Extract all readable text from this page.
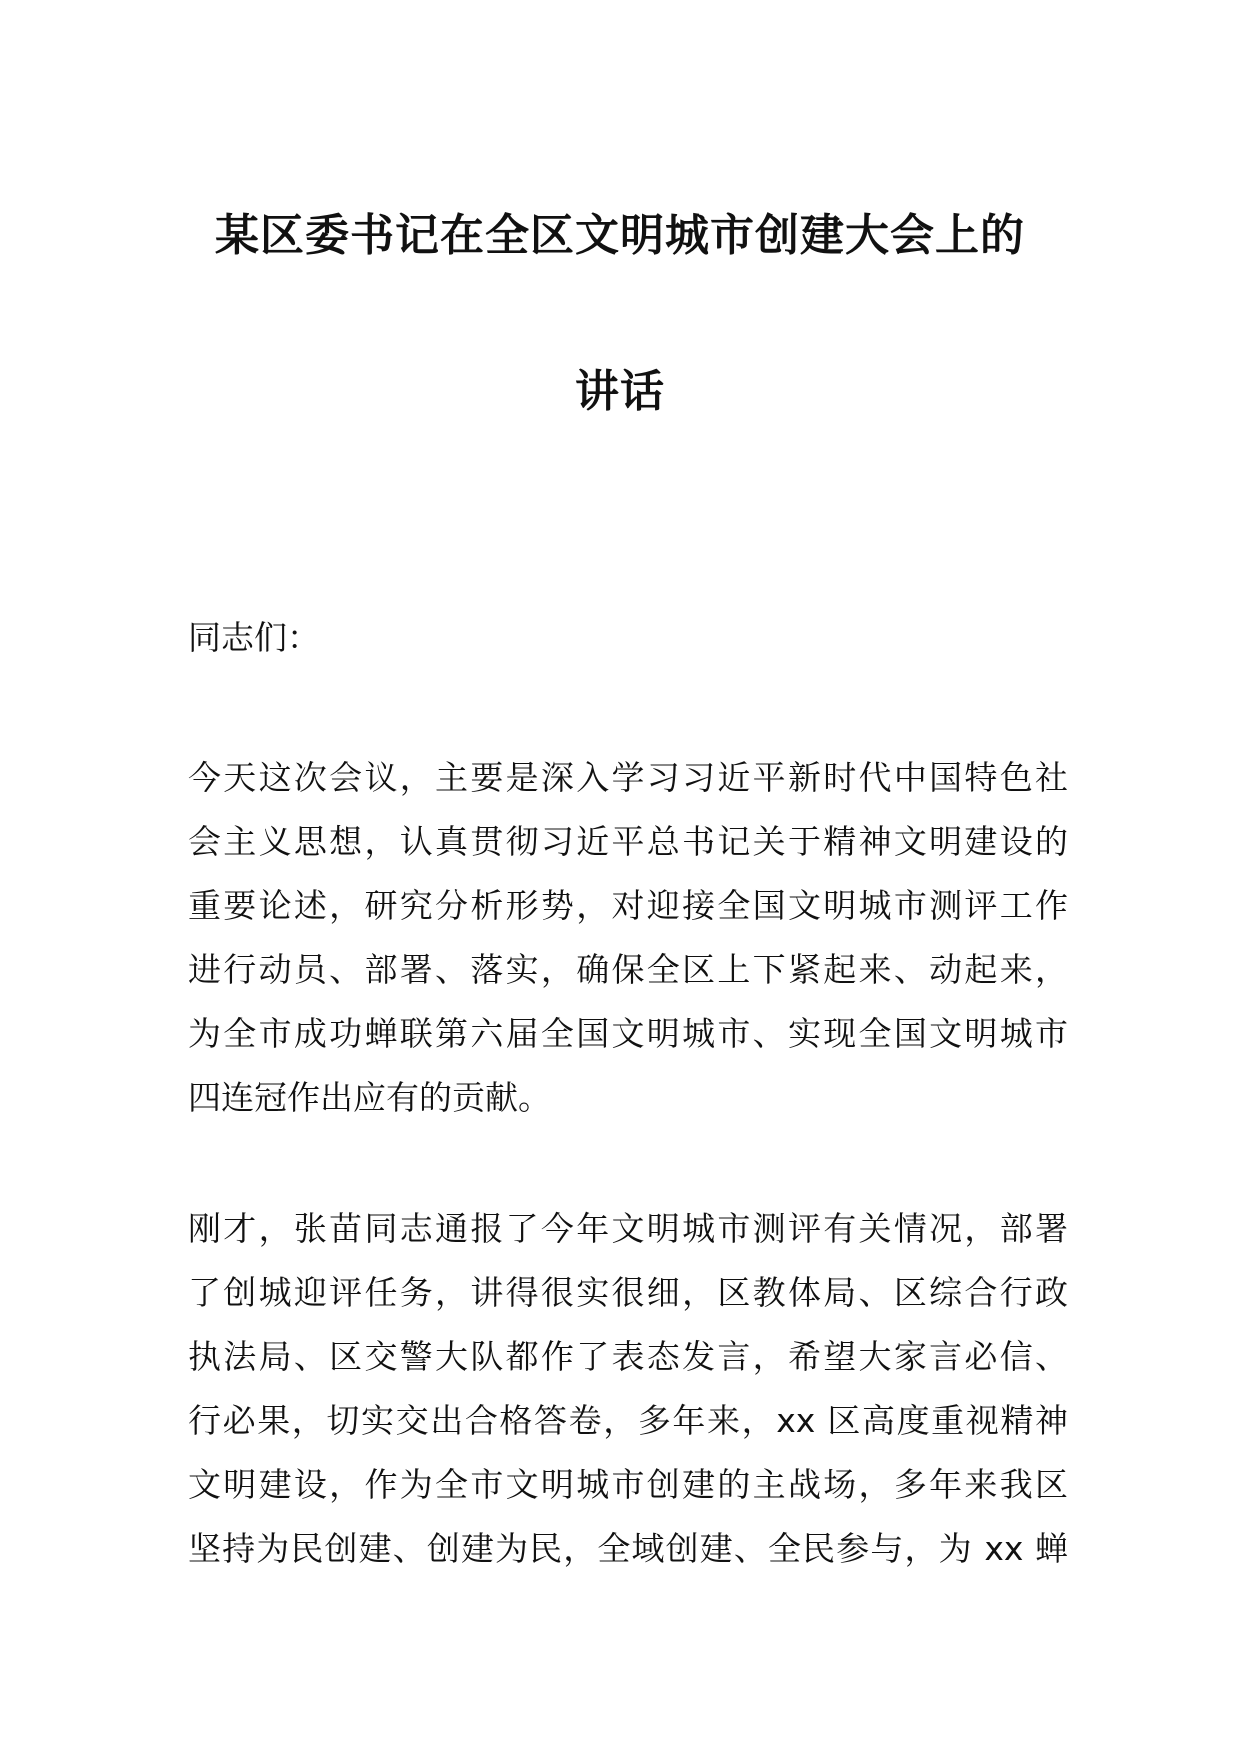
某区委书记在全区文明城市创建大会上的
讲话
同志们：
今天这次会议，主要是深入学习习近平新时代中国特色社
会主义思想，认真贯彻习近平总书记关于精神文明建设的
重要论述，研究分析形势，对迎接全国文明城市测评工作
进行动员、部署、落实，确保全区上下紧起来、动起来，
为全市成功蝉联第六届全国文明城市、实现全国文明城市
四连冠作出应有的贡献。
刚才，张苗同志通报了今年文明城市测评有关情况，部署
了创城迎评任务，讲得很实很细，区教体局、区综合行政
执法局、区交警大队都作了表态发言，希望大家言必信、
行必果，切实交出合格答卷，多年来，xx 区高度重视精神
文明建设，作为全市文明城市创建的主战场，多年来我区
坚持为民创建、创建为民，全域创建、全民参与，为 xx 蝉
